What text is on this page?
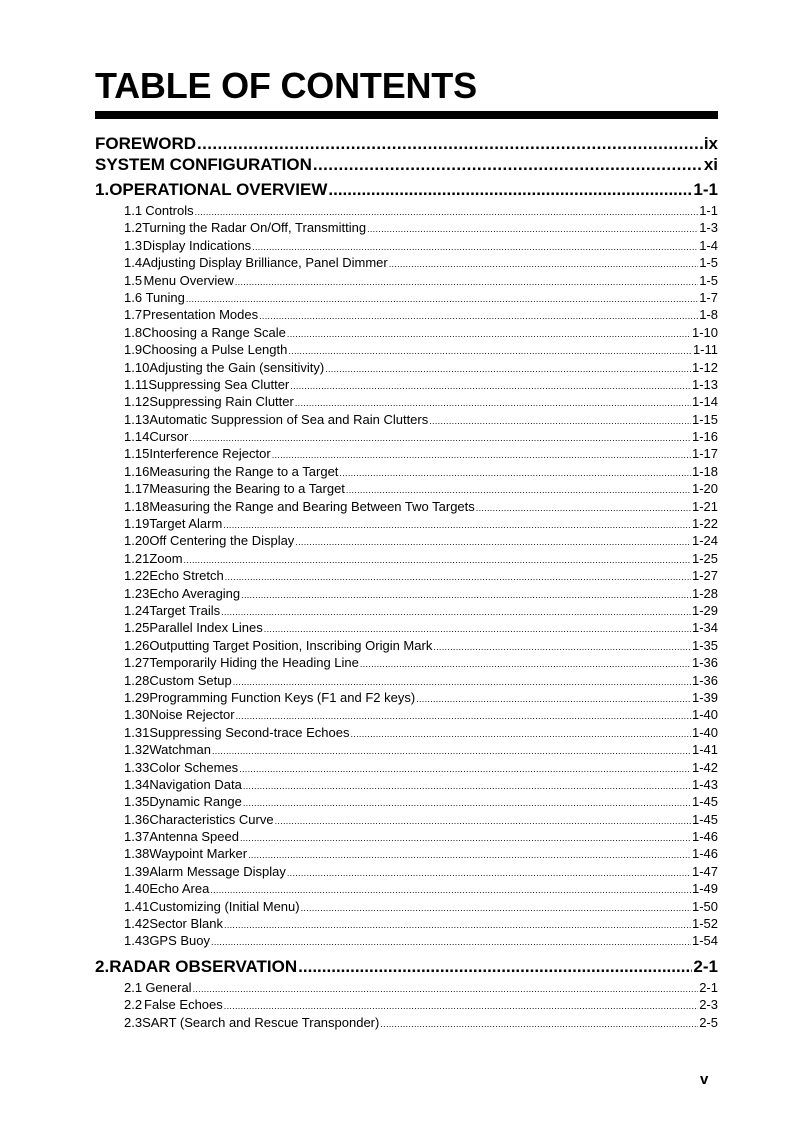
TABLE OF CONTENTS
FOREWORD .....	ix
SYSTEM CONFIGURATION .....	xi
1. OPERATIONAL OVERVIEW .....	1-1
1.1 Controls .....	1-1
1.2 Turning the Radar On/Off, Transmitting .....	1-3
1.3 Display Indications .....	1-4
1.4 Adjusting Display Brilliance, Panel Dimmer .....	1-5
1.5 Menu Overview .....	1-5
1.6 Tuning .....	1-7
1.7 Presentation Modes .....	1-8
1.8 Choosing a Range Scale .....	1-10
1.9 Choosing a Pulse Length .....	1-11
1.10 Adjusting the Gain (sensitivity) .....	1-12
1.11 Suppressing Sea Clutter .....	1-13
1.12 Suppressing Rain Clutter .....	1-14
1.13 Automatic Suppression of Sea and Rain Clutters .....	1-15
1.14 Cursor .....	1-16
1.15 Interference Rejector .....	1-17
1.16 Measuring the Range to a Target .....	1-18
1.17 Measuring the Bearing to a Target .....	1-20
1.18 Measuring the Range and Bearing Between Two Targets .....	1-21
1.19 Target Alarm .....	1-22
1.20 Off Centering the Display .....	1-24
1.21 Zoom .....	1-25
1.22 Echo Stretch .....	1-27
1.23 Echo Averaging .....	1-28
1.24 Target Trails .....	1-29
1.25 Parallel Index Lines .....	1-34
1.26 Outputting Target Position, Inscribing Origin Mark .....	1-35
1.27 Temporarily Hiding the Heading Line .....	1-36
1.28 Custom Setup .....	1-36
1.29 Programming Function Keys (F1 and F2 keys) .....	1-39
1.30 Noise Rejector .....	1-40
1.31 Suppressing Second-trace Echoes .....	1-40
1.32 Watchman .....	1-41
1.33 Color Schemes .....	1-42
1.34 Navigation Data .....	1-43
1.35 Dynamic Range .....	1-45
1.36 Characteristics Curve .....	1-45
1.37 Antenna Speed .....	1-46
1.38 Waypoint Marker .....	1-46
1.39 Alarm Message Display .....	1-47
1.40 Echo Area .....	1-49
1.41 Customizing (Initial Menu) .....	1-50
1.42 Sector Blank .....	1-52
1.43 GPS Buoy .....	1-54
2. RADAR OBSERVATION .....	2-1
2.1 General .....	2-1
2.2 False Echoes .....	2-3
2.3 SART (Search and Rescue Transponder) .....	2-5
v
